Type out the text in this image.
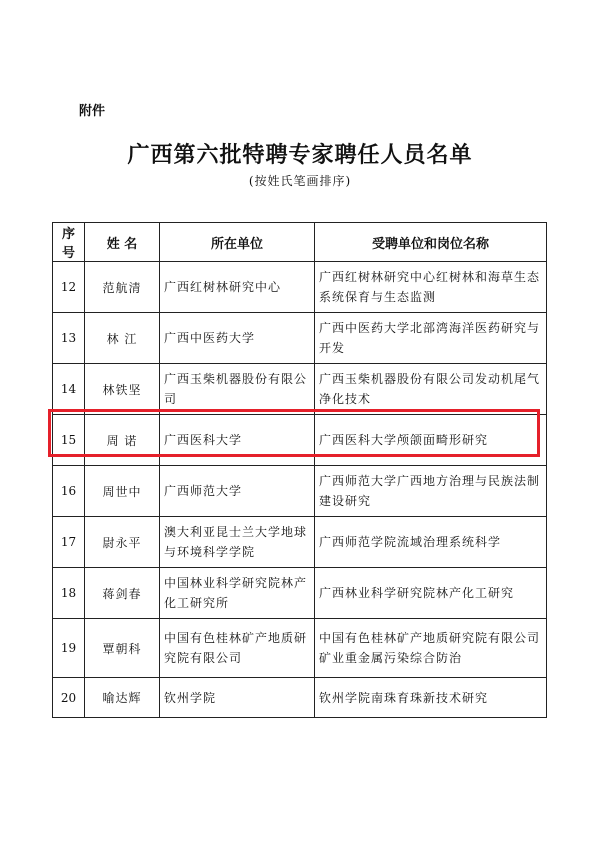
附件
广西第六批特聘专家聘任人员名单
(按姓氏笔画排序)
序号	姓 名	所在单位	受聘单位和岗位名称
12	范航清	广西红树林研究中心	广西红树林研究中心红树林和海草生态系统保育与生态监测
13	林 江	广西中医药大学	广西中医药大学北部湾海洋医药研究与开发
14	林铁坚	广西玉柴机器股份有限公司	广西玉柴机器股份有限公司发动机尾气净化技术
15	周 诺	广西医科大学	广西医科大学颅颌面畸形研究
16	周世中	广西师范大学	广西师范大学广西地方治理与民族法制建设研究
17	尉永平	澳大利亚昆士兰大学地球与环境科学学院	广西师范学院流域治理系统科学
18	蒋剑春	中国林业科学研究院林产化工研究所	广西林业科学研究院林产化工研究
19	覃朝科	中国有色桂林矿产地质研究院有限公司	中国有色桂林矿产地质研究院有限公司矿业重金属污染综合防治
20	喻达辉	钦州学院	钦州学院南珠育珠新技术研究
